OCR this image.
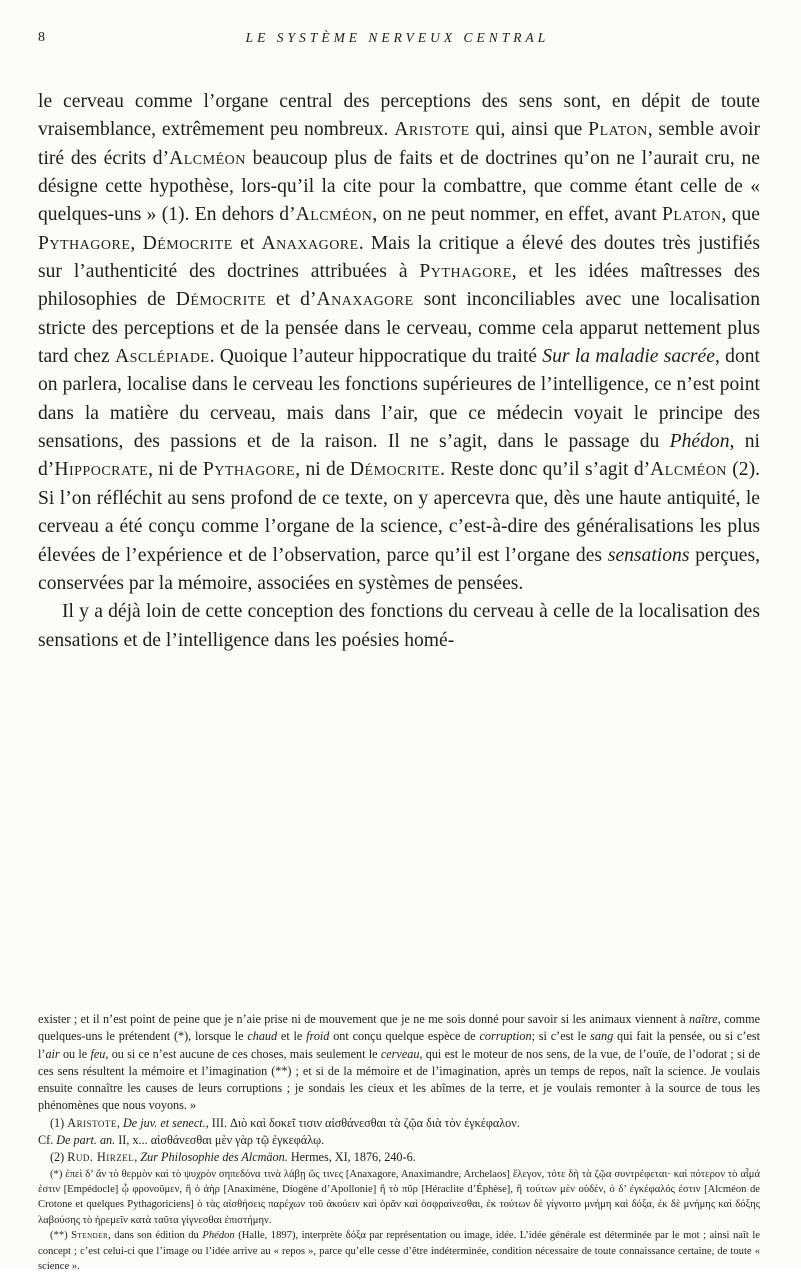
8	LE SYSTÈME NERVEUX CENTRAL

le cerveau comme l’organe central des perceptions des sens sont, en dépit de toute vraisemblance, extrêmement peu nombreux. Aristote qui, ainsi que Platon, semble avoir tiré des écrits d’Alcméon beaucoup plus de faits et de doctrines qu’on ne l’aurait cru, ne désigne cette hypothèse, lors-qu’il la cite pour la combattre, que comme étant celle de « quelques-uns » (1). En dehors d’Alcméon, on ne peut nommer, en effet, avant Platon, que Pythagore, Démocrite et Anaxagore. Mais la critique a élevé des doutes très justifiés sur l’authenticité des doctrines attribuées à Pythagore, et les idées maîtresses des philosophies de Démocrite et d’Anaxagore sont inconciliables avec une localisation stricte des perceptions et de la pensée dans le cerveau, comme cela apparut nettement plus tard chez Asclépiade. Quoique l’auteur hippocratique du traité Sur la maladie sacrée, dont on parlera, localise dans le cerveau les fonctions supérieures de l’intelligence, ce n’est point dans la matière du cerveau, mais dans l’air, que ce médecin voyait le principe des sensations, des passions et de la raison. Il ne s’agit, dans le passage du Phédon, ni d’Hippocrate, ni de Pythagore, ni de Démocrite. Reste donc qu’il s’agit d’Alcméon (2). Si l’on réfléchit au sens profond de ce texte, on y apercevra que, dès une haute antiquité, le cerveau a été conçu comme l’organe de la science, c’est-à-dire des généralisations les plus élevées de l’expérience et de l’observation, parce qu’il est l’organe des sensations perçues, conservées par la mémoire, associées en systèmes de pensées.

Il y a déjà loin de cette conception des fonctions du cerveau à celle de la localisation des sensations et de l’intelligence dans les poésies homé-

exister ; et il n’est point de peine que je n’aie prise ni de mouvement que je ne me sois donné pour savoir si les animaux viennent à naître, comme quelques-uns le prétendent (*), lorsque le chaud et le froid ont conçu quelque espèce de corruption; si c’est le sang qui fait la pensée, ou si c’est l’air ou le feu, ou si ce n’est aucune de ces choses, mais seulement le cerveau, qui est le moteur de nos sens, de la vue, de l’ouïe, de l’odorat ; si de ces sens résultent la mémoire et l’imagination (**) ; et si de la mémoire et de l’imagination, après un temps de repos, naît la science. Je voulais ensuite connaître les causes de leurs corruptions ; je sondais les cieux et les abîmes de la terre, et je voulais remonter à la source de tous les phénomènes que nous voyons. »

(1) Aristote, De juv. et senect., III. Διὸ καὶ δοκεῖ τισιν αἰσθάνεσθαι τὰ ζῷα διὰ τὸν ἐγκέφαλον.

Cf. De part. an. II, x... αἰσθάνεσθαι μὲν γὰρ τῷ ἐγκεφάλῳ.

(2) Rud. Hirzel, Zur Philosophie des Alcmäon. Hermes, XI, 1876, 240-6.

(*) ἐπεὶ δ’ ἂν τὸ θερμὸν καὶ τὸ ψυχρὸν σηπεδόνα τινὰ λάβῃ ὥς τινες [Anaxagore, Anaximandre, Archelaos] ἔλεγον, τότε δὴ τὰ ζῷα συντρέφεται· καὶ πότερον τὸ αἷμά ἐστιν [Empédocle] ᾧ φρονοῦμεν, ἢ ὁ ἀὴρ [Anaximène, Diogène d’Apollonie] ἢ τὸ πῦρ [Héraclite d’Éphèse], ἢ τούτων μὲν οὐδέν, ὁ δ’ ἐγκέφαλός ἐστιν [Alcméon de Crotone et quelques Pythagoriciens] ὁ τὰς αἰσθήσεις παρέχων τοῦ ἀκούειν καὶ ὁρᾶν καὶ ὀσφραίνεσθαι, ἐκ τούτων δὲ γίγνοιτο μνήμη καὶ δόξα, ἐκ δὲ μνήμης καὶ δόξης λαβούσης τὸ ἠρεμεῖν κατὰ ταῦτα γίγνεσθαι ἐπιστήμην.

(**) Stender, dans son édition du Phédon (Halle, 1897), interprète δόξα par représentation ou image, idée. L’idée générale est déterminée par le mot ; ainsi naît le concept ; c’est celui-ci que l’image ou l’idée arrive au « repos », parce qu’elle cesse d’être indéterminée, condition nécessaire de toute connaissance certaine, de toute « science ».
